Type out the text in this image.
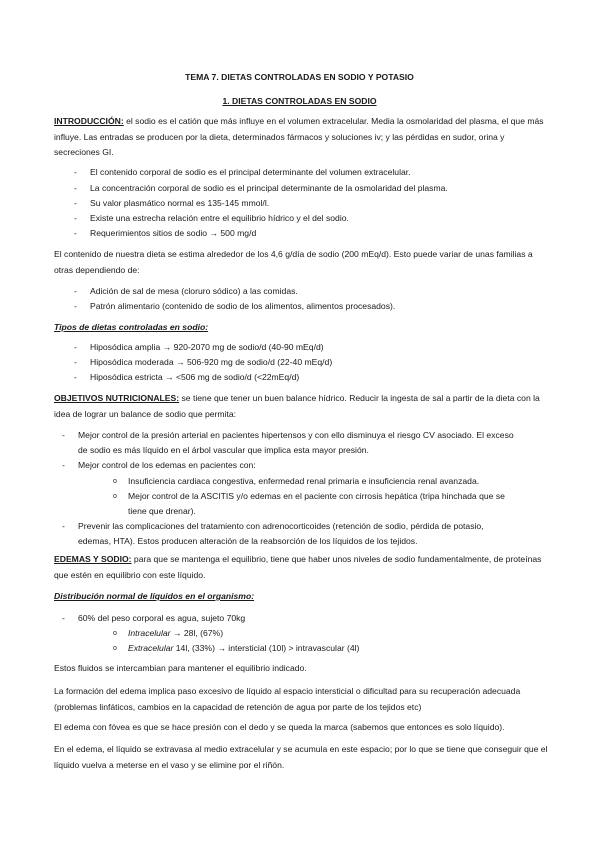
TEMA 7. DIETAS CONTROLADAS EN SODIO Y POTASIO

1. DIETAS CONTROLADAS EN SODIO

INTRODUCCIÓN: el sodio es el catión que más influye en el volumen extracelular. Media la osmolaridad del plasma, el que más influye. Las entradas se producen por la dieta, determinados fármacos y soluciones iv; y las pérdidas en sudor, orina y secreciones GI.

- El contenido corporal de sodio es el principal determinante del volumen extracelular.
- La concentración corporal de sodio es el principal determinante de la osmolaridad del plasma.
- Su valor plasmático normal es 135-145 mmol/l.
- Existe una estrecha relación entre el equilibrio hídrico y el del sodio.
- Requerimientos sitios de sodio → 500 mg/d

El contenido de nuestra dieta se estima alrededor de los 4,6 g/día de sodio (200 mEq/d). Esto puede variar de unas familias a otras dependiendo de:

- Adición de sal de mesa (cloruro sódico) a las comidas.
- Patrón alimentario (contenido de sodio de los alimentos, alimentos procesados).

Tipos de dietas controladas en sodio:

- Hiposódica amplia → 920-2070 mg de sodio/d (40-90 mEq/d)
- Hiposódica moderada → 506-920 mg de sodio/d (22-40 mEq/d)
- Hiposódica estricta → <506 mg de sodio/d (<22mEq/d)

OBJETIVOS NUTRICIONALES: se tiene que tener un buen balance hídrico. Reducir la ingesta de sal a partir de la dieta con la idea de lograr un balance de sodio que permita:

- Mejor control de la presión arterial en pacientes hipertensos y con ello disminuya el riesgo CV asociado. El exceso
de sodio es más líquido en el árbol vascular que implica esta mayor presión.
- Mejor control de los edemas en pacientes con:
o Insuficiencia cardiaca congestiva, enfermedad renal primaria e insuficiencia renal avanzada.
o Mejor control de la ASCITIS y/o edemas en el paciente con cirrosis hepática (tripa hinchada que se
tiene que drenar).
- Prevenir las complicaciones del tratamiento con adrenocorticoides (retención de sodio, pérdida de potasio,
edemas, HTA). Estos producen alteración de la reabsorción de los líquidos de los tejidos.

EDEMAS Y SODIO: para que se mantenga el equilibrio, tiene que haber unos niveles de sodio fundamentalmente, de proteínas que estén en equilibrio con este líquido.

Distribución normal de líquidos en el organismo:

- 60% del peso corporal es agua, sujeto 70kg
o Intracelular → 28l, (67%)
o Extracelular 14l, (33%) → intersticial (10l) > intravascular (4l)

Estos fluidos se intercambian para mantener el equilibrio indicado.

La formación del edema implica paso excesivo de líquido al espacio intersticial o dificultad para su recuperación adecuada (problemas linfáticos, cambios en la capacidad de retención de agua por parte de los tejidos etc)

El edema con fóvea es que se hace presión con el dedo y se queda la marca (sabemos que entonces es solo líquido).

En el edema, el líquido se extravasa al medio extracelular y se acumula en este espacio; por lo que se tiene que conseguir que el líquido vuelva a meterse en el vaso y se elimine por el riñón.
